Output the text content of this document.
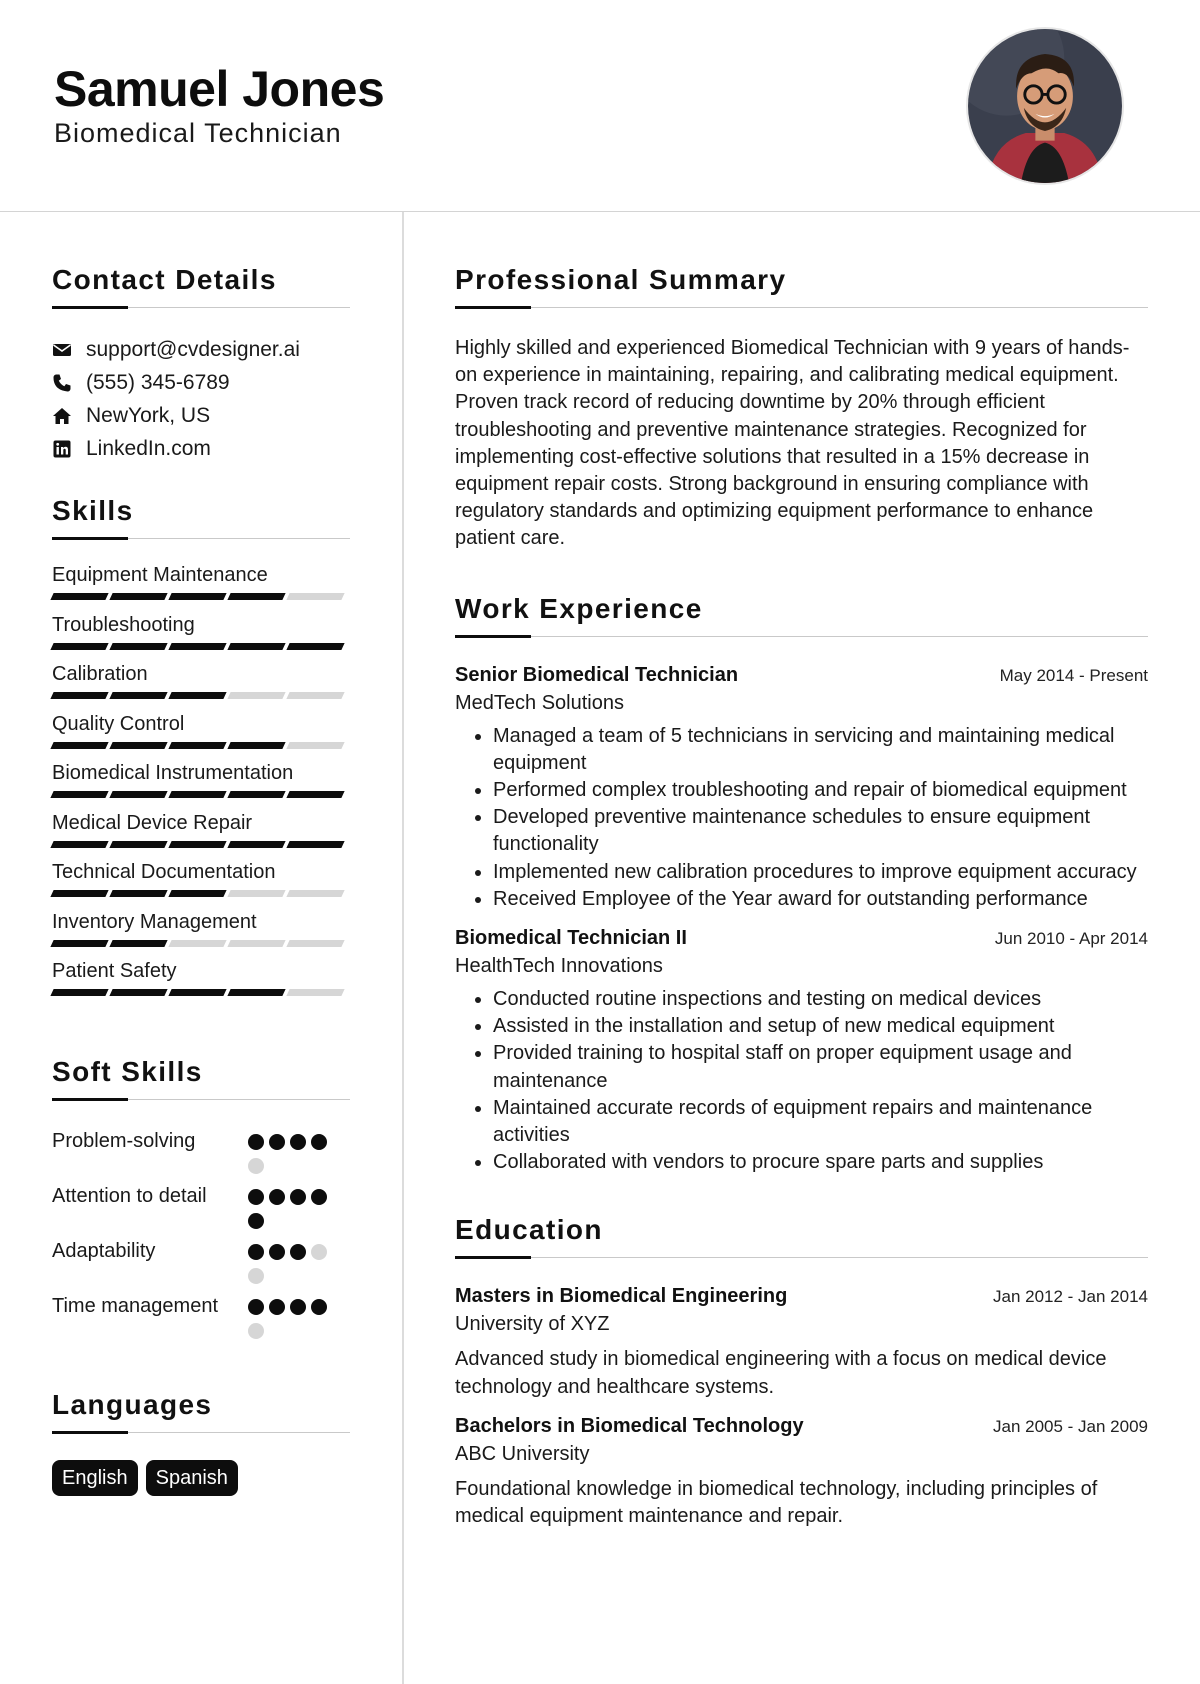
Samuel Jones
Biomedical Technician
Contact Details
support@cvdesigner.ai
(555) 345-6789
NewYork, US
LinkedIn.com
Skills
Equipment Maintenance
Troubleshooting
Calibration
Quality Control
Biomedical Instrumentation
Medical Device Repair
Technical Documentation
Inventory Management
Patient Safety
Soft Skills
Problem-solving
Attention to detail
Adaptability
Time management
Languages
English	Spanish
Professional Summary

Highly skilled and experienced Biomedical Technician with 9 years of hands-on experience in maintaining, repairing, and calibrating medical equipment. Proven track record of reducing downtime by 20% through efficient troubleshooting and preventive maintenance strategies. Recognized for implementing cost-effective solutions that resulted in a 15% decrease in equipment repair costs. Strong background in ensuring compliance with regulatory standards and optimizing equipment performance to enhance patient care.

Work Experience
Senior Biomedical Technician	May 2014 - Present
MedTech Solutions
• Managed a team of 5 technicians in servicing and maintaining medical equipment
• Performed complex troubleshooting and repair of biomedical equipment
• Developed preventive maintenance schedules to ensure equipment functionality
• Implemented new calibration procedures to improve equipment accuracy
• Received Employee of the Year award for outstanding performance
Biomedical Technician II	Jun 2010 - Apr 2014
HealthTech Innovations
• Conducted routine inspections and testing on medical devices
• Assisted in the installation and setup of new medical equipment
• Provided training to hospital staff on proper equipment usage and maintenance
• Maintained accurate records of equipment repairs and maintenance activities
• Collaborated with vendors to procure spare parts and supplies
Education
Masters in Biomedical Engineering	Jan 2012 - Jan 2014
University of XYZ

Advanced study in biomedical engineering with a focus on medical device technology and healthcare systems.

Bachelors in Biomedical Technology	Jan 2005 - Jan 2009
ABC University

Foundational knowledge in biomedical technology, including principles of medical equipment maintenance and repair.
